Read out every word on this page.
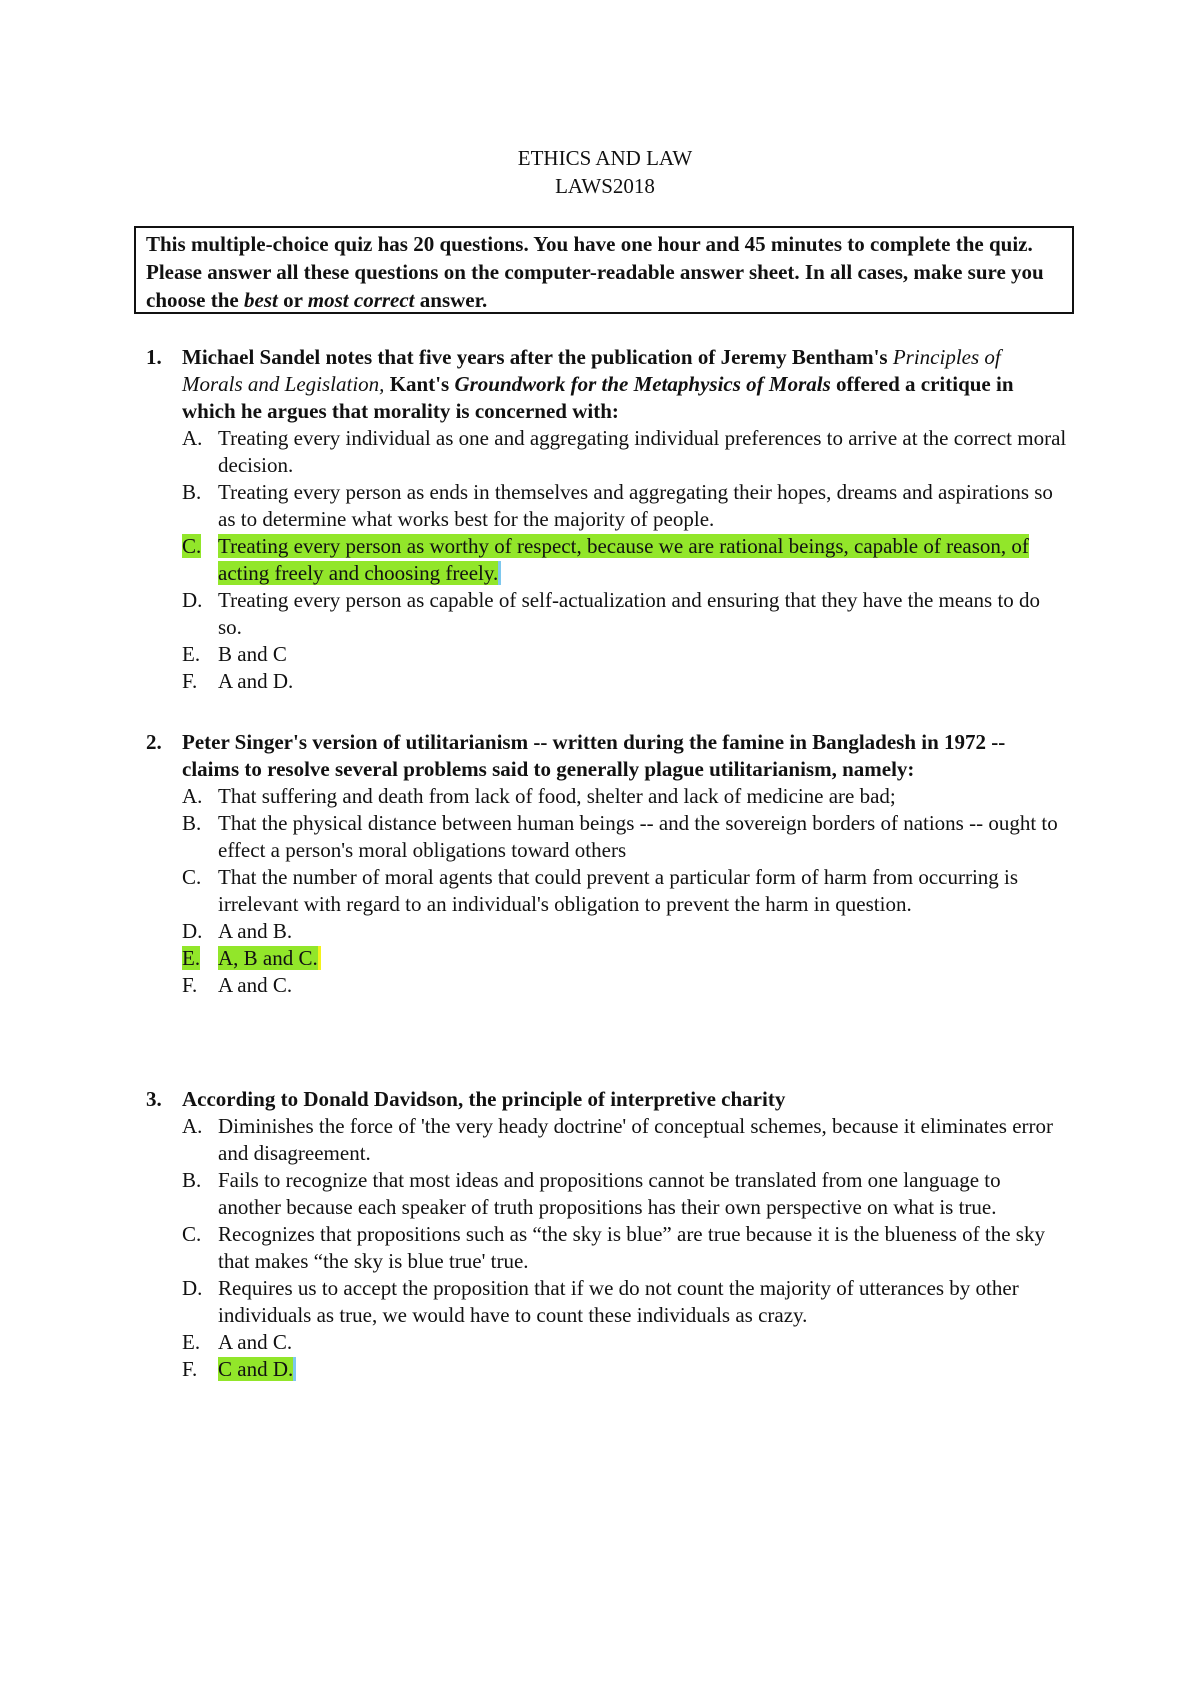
ETHICS AND LAW
LAWS2018
This multiple-choice quiz has 20 questions. You have one hour and 45 minutes to complete the quiz. Please answer all these questions on the computer-readable answer sheet. In all cases, make sure you choose the best or most correct answer.
1. Michael Sandel notes that five years after the publication of Jeremy Bentham's Principles of Morals and Legislation, Kant's Groundwork for the Metaphysics of Morals offered a critique in which he argues that morality is concerned with:
A. Treating every individual as one and aggregating individual preferences to arrive at the correct moral decision.
B. Treating every person as ends in themselves and aggregating their hopes, dreams and aspirations so as to determine what works best for the majority of people.
C. Treating every person as worthy of respect, because we are rational beings, capable of reason, of acting freely and choosing freely.
D. Treating every person as capable of self-actualization and ensuring that they have the means to do so.
E. B and C
F. A and D.
2. Peter Singer's version of utilitarianism -- written during the famine in Bangladesh in 1972 -- claims to resolve several problems said to generally plague utilitarianism, namely:
A. That suffering and death from lack of food, shelter and lack of medicine are bad;
B. That the physical distance between human beings -- and the sovereign borders of nations -- ought to effect a person's moral obligations toward others
C. That the number of moral agents that could prevent a particular form of harm from occurring is irrelevant with regard to an individual's obligation to prevent the harm in question.
D. A and B.
E. A, B and C.
F. A and C.
3. According to Donald Davidson, the principle of interpretive charity
A. Diminishes the force of 'the very heady doctrine' of conceptual schemes, because it eliminates error and disagreement.
B. Fails to recognize that most ideas and propositions cannot be translated from one language to another because each speaker of truth propositions has their own perspective on what is true.
C. Recognizes that propositions such as “the sky is blue” are true because it is the blueness of the sky that makes “the sky is blue true' true.
D. Requires us to accept the proposition that if we do not count the majority of utterances by other individuals as true, we would have to count these individuals as crazy.
E. A and C.
F. C and D.
